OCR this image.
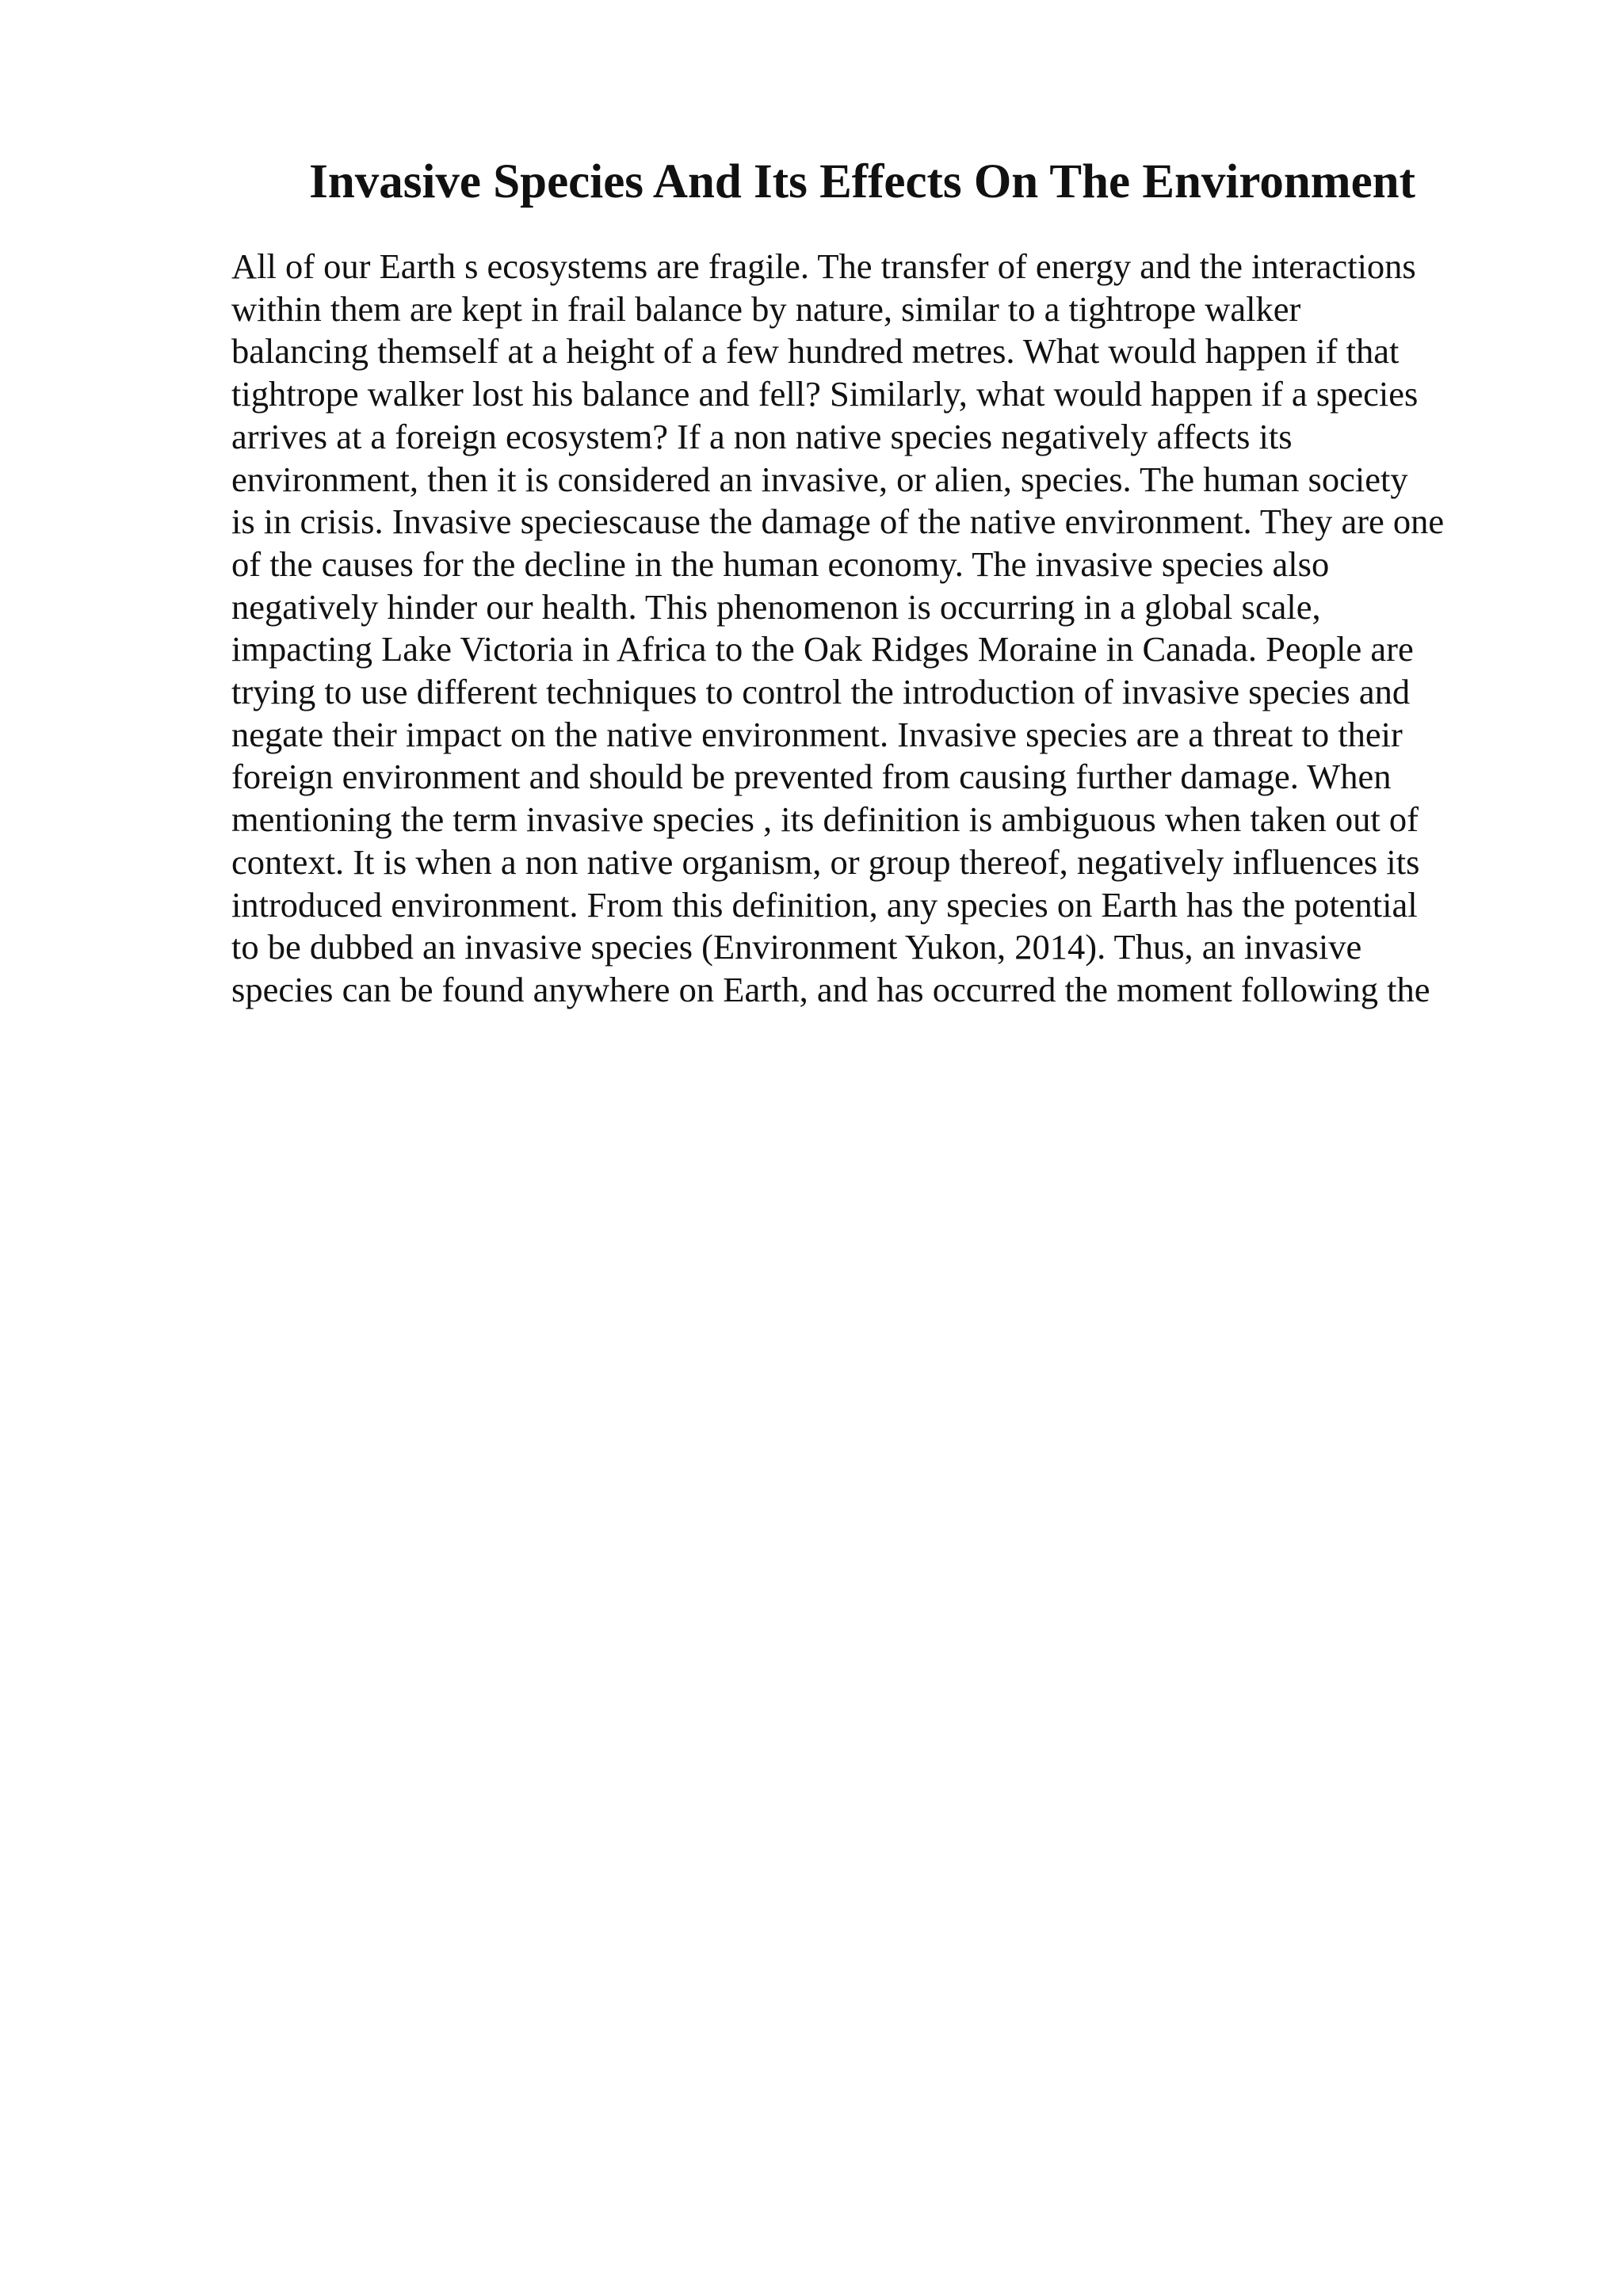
Invasive Species And Its Effects On The Environment
All of our Earth s ecosystems are fragile. The transfer of energy and the interactions
within them are kept in frail balance by nature, similar to a tightrope walker
balancing themself at a height of a few hundred metres. What would happen if that
tightrope walker lost his balance and fell? Similarly, what would happen if a species
arrives at a foreign ecosystem? If a non native species negatively affects its
environment, then it is considered an invasive, or alien, species. The human society
is in crisis. Invasive speciescause the damage of the native environment. They are one
of the causes for the decline in the human economy. The invasive species also
negatively hinder our health. This phenomenon is occurring in a global scale,
impacting Lake Victoria in Africa to the Oak Ridges Moraine in Canada. People are
trying to use different techniques to control the introduction of invasive species and
negate their impact on the native environment. Invasive species are a threat to their
foreign environment and should be prevented from causing further damage. When
mentioning the term invasive species , its definition is ambiguous when taken out of
context. It is when a non native organism, or group thereof, negatively influences its
introduced environment. From this definition, any species on Earth has the potential
to be dubbed an invasive species (Environment Yukon, 2014). Thus, an invasive
species can be found anywhere on Earth, and has occurred the moment following the
